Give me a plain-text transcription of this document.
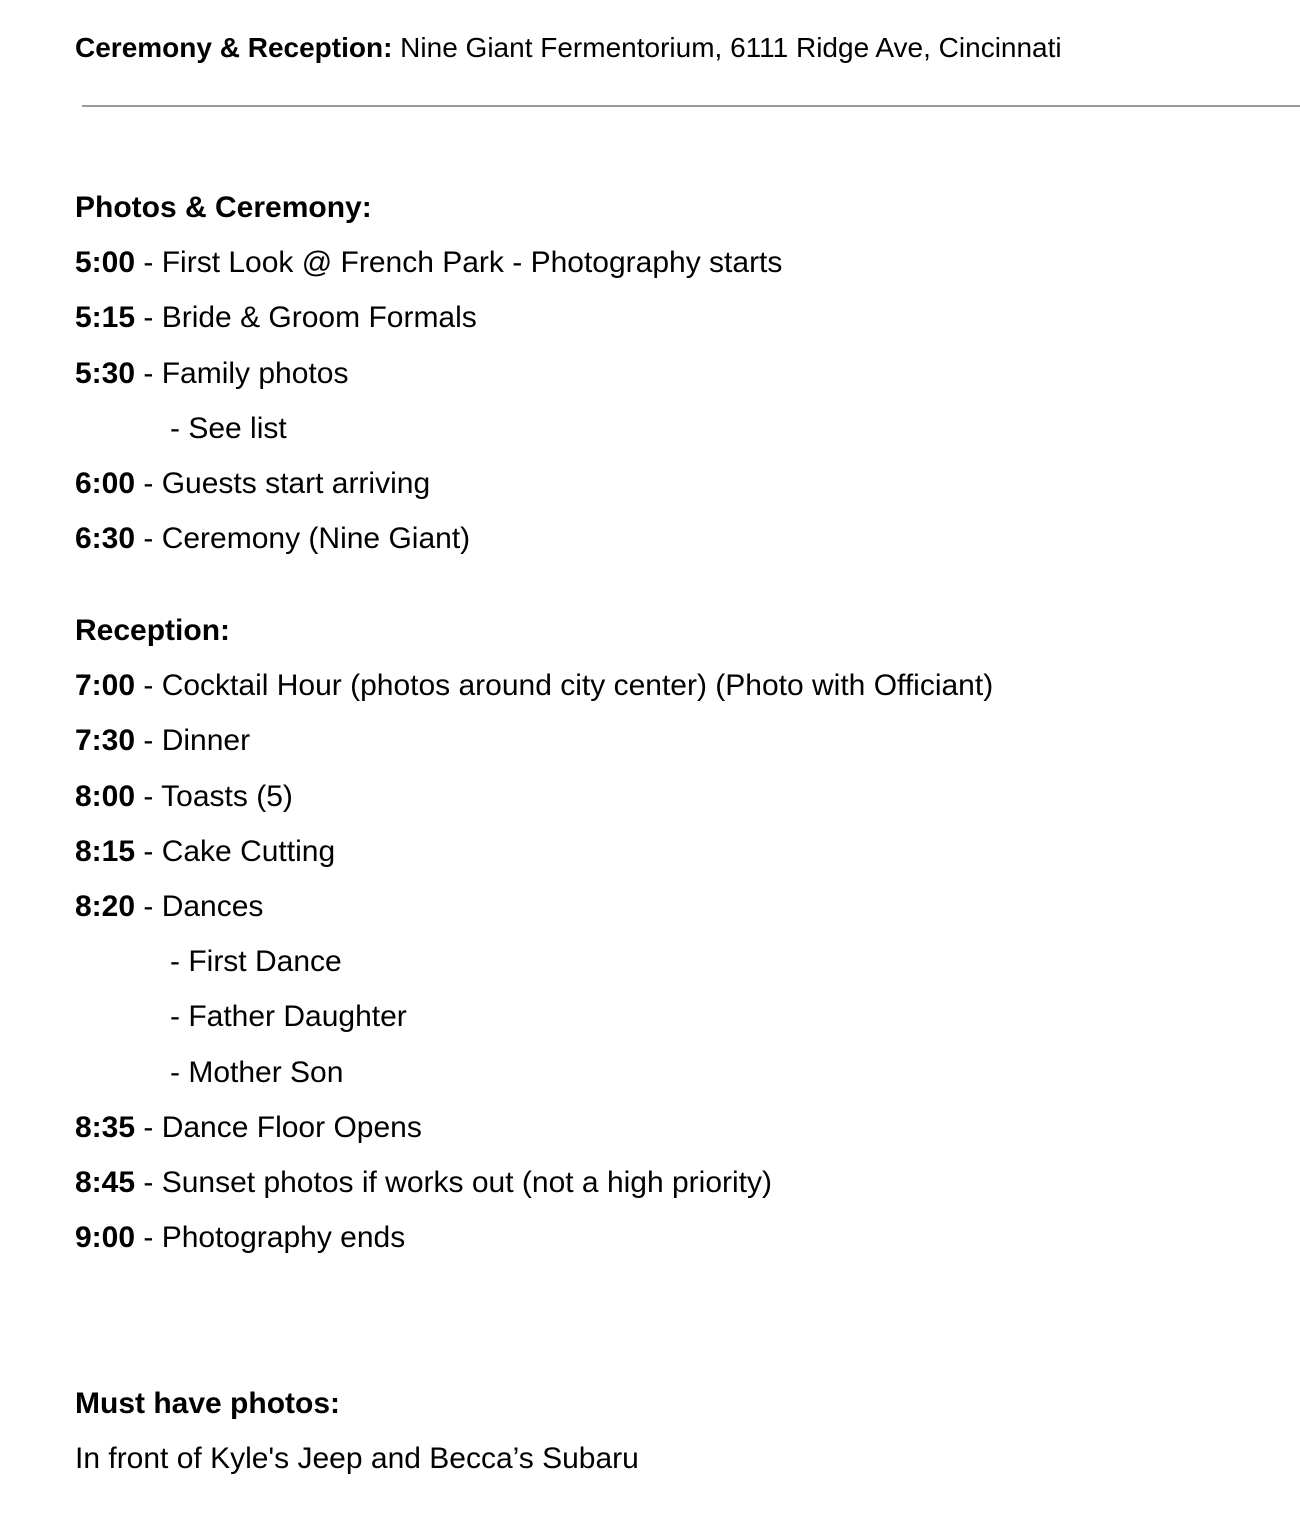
Ceremony & Reception: Nine Giant Fermentorium, 6111 Ridge Ave, Cincinnati
Photos & Ceremony:
5:00 - First Look @ French Park - Photography starts
5:15 - Bride & Groom Formals
5:30 - Family photos
- See list
6:00 - Guests start arriving
6:30 - Ceremony (Nine Giant)
Reception:
7:00 - Cocktail Hour (photos around city center) (Photo with Officiant)
7:30 - Dinner
8:00 - Toasts (5)
8:15 - Cake Cutting
8:20 - Dances
- First Dance
- Father Daughter
- Mother Son
8:35 - Dance Floor Opens
8:45 - Sunset photos if works out (not a high priority)
9:00 - Photography ends
Must have photos:
In front of Kyle's Jeep and Becca’s Subaru
